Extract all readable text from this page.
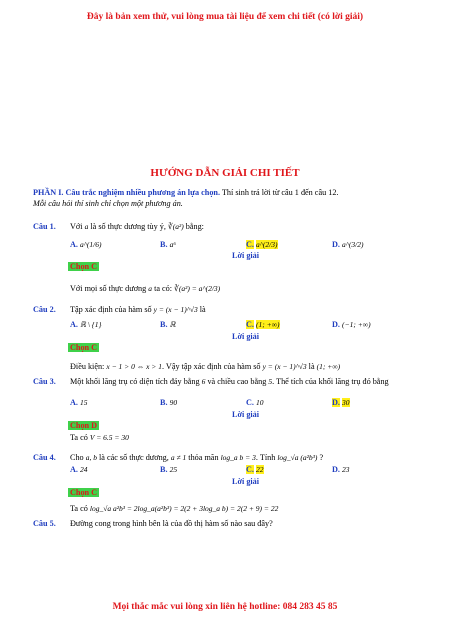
Đây là bản xem thử, vui lòng mua tài liệu để xem chi tiết (có lời giải)
HƯỚNG DẪN GIẢI CHI TIẾT
PHẦN I. Câu trắc nghiệm nhiều phương án lựa chọn. Thí sinh trả lời từ câu 1 đến câu 12.
Mỗi câu hỏi thí sinh chỉ chọn một phương án.
Câu 1. Với a là số thực dương tùy ý, ∛(a²) bằng:
A. a^(1/6)	B. a⁶	C. a^(2/3)	D. a^(3/2)
Lời giải
Chọn C
Với mọi số thực dương a ta có: ∛(a²) = a^(2/3)
Câu 2. Tập xác định của hàm số y = (x − 1)^√3 là
A. ℝ \ {1}	B. ℝ	C. (1; +∞)	D. (−1; +∞)
Lời giải
Chọn C
Điều kiện: x − 1 > 0 ⇔ x > 1. Vậy tập xác định của hàm số y = (x − 1)^√3 là (1; +∞)
Câu 3. Một khối lăng trụ có diện tích đáy bằng 6 và chiều cao bằng 5. Thể tích của khối lăng trụ đó bằng
A. 15	B. 90	C. 10	D. 30
Lời giải
Chọn D
Ta có V = 6.5 = 30
Câu 4. Cho a, b là các số thực dương, a ≠ 1 thỏa mãn log_a b = 3. Tính log_√a (a²b³) ?
A. 24	B. 25	C. 22	D. 23
Lời giải
Chọn C
Ta có log_√a a²b³ = 2log_a(a²b³) = 2(2 + 3log_a b) = 2(2 + 9) = 22
Câu 5. Đường cong trong hình bên là của đồ thị hàm số nào sau đây?
Mọi thắc mắc vui lòng xin liên hệ hotline: 084 283 45 85
